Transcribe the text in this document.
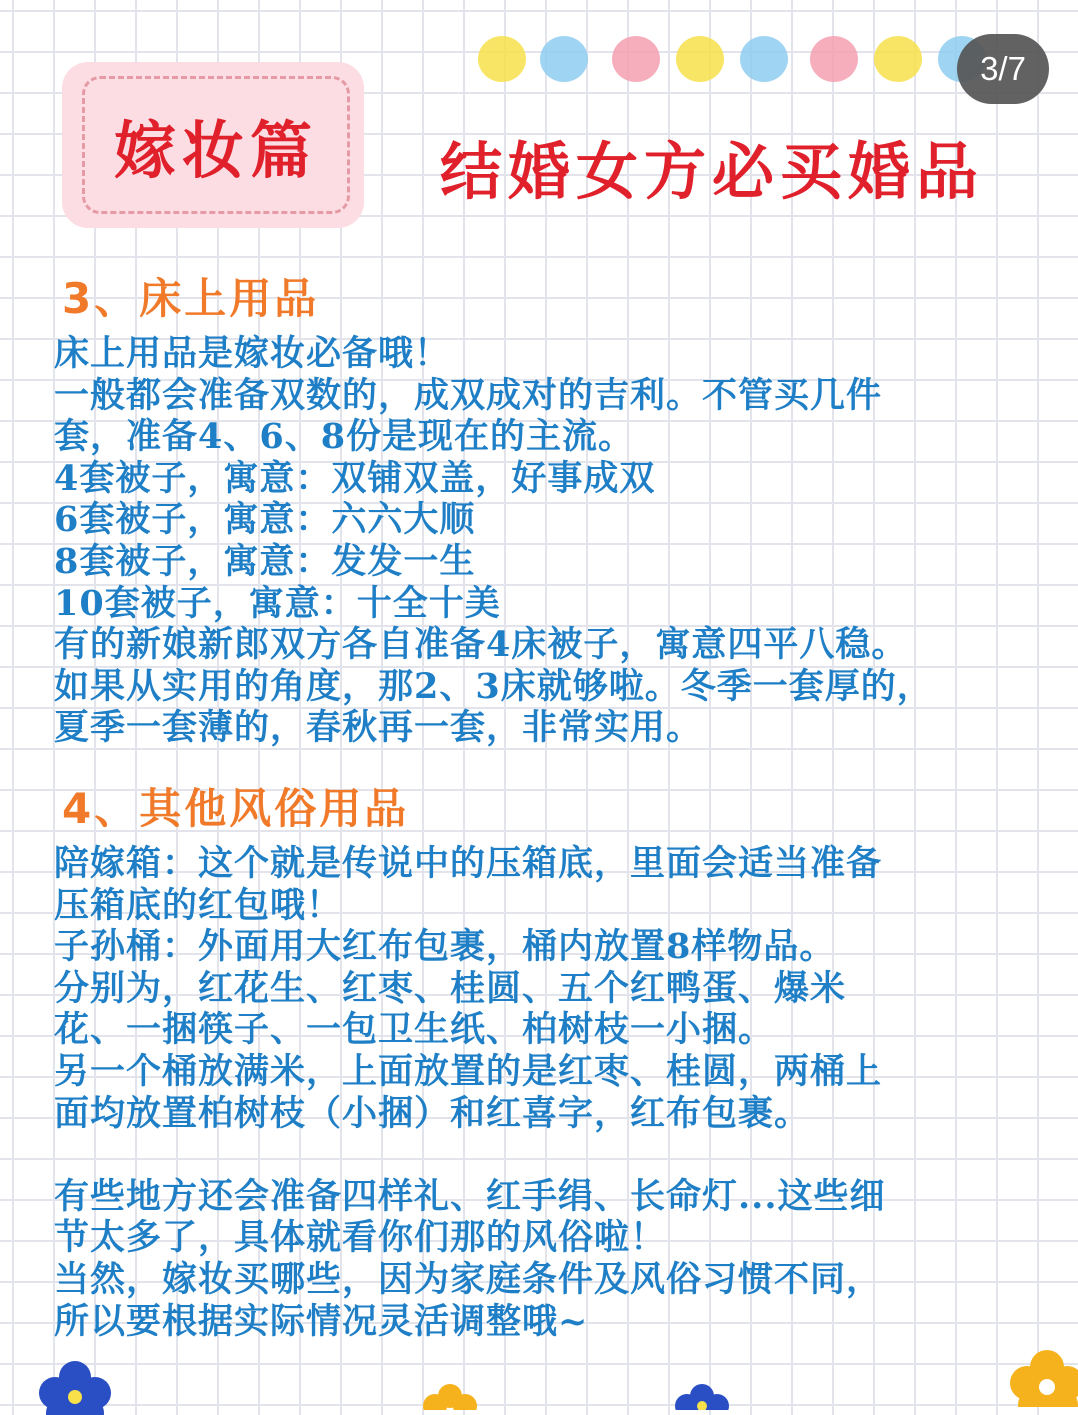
3/7
嫁妆篇	结婚女方必买婚品
3、床上用品
床上用品是嫁妆必备哦！
一般都会准备双数的，成双成对的吉利。不管买几件
套，准备4、6、8份是现在的主流。
4套被子，寓意：双铺双盖，好事成双
6套被子，寓意：六六大顺
8套被子，寓意：发发一生
10套被子，寓意：十全十美
有的新娘新郎双方各自准备4床被子，寓意四平八稳。
如果从实用的角度，那2、3床就够啦。冬季一套厚的，
夏季一套薄的，春秋再一套，非常实用。
4、其他风俗用品
陪嫁箱：这个就是传说中的压箱底，里面会适当准备
压箱底的红包哦！
子孙桶：外面用大红布包裹，桶内放置8样物品。
分别为，红花生、红枣、桂圆、五个红鸭蛋、爆米
花、一捆筷子、一包卫生纸、柏树枝一小捆。
另一个桶放满米，上面放置的是红枣、桂圆，两桶上
面均放置柏树枝（小捆）和红喜字，红布包裹。
有些地方还会准备四样礼、红手绢、长命灯...这些细
节太多了，具体就看你们那的风俗啦！
当然，嫁妆买哪些，因为家庭条件及风俗习惯不同，
所以要根据实际情况灵活调整哦~
